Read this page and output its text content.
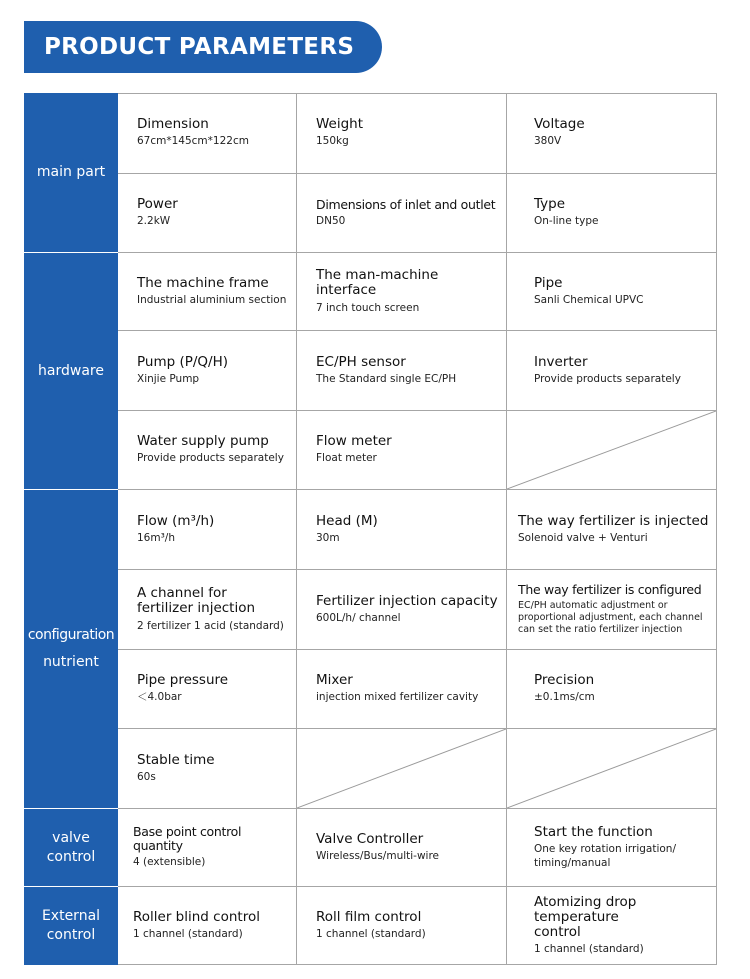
PRODUCT PARAMETERS
main part
hardware
configuration
nutrient
valve
control
External
control
Dimension
67cm*145cm*122cm
Weight
150kg
Voltage
380V
Power
2.2kW
Dimensions of inlet and outlet
DN50
Type
On-line type
The machine frame
Industrial aluminium section
The man-machine interface
7 inch touch screen
Pipe
Sanli Chemical UPVC
Pump (P/Q/H)
Xinjie Pump
EC/PH sensor
The Standard single EC/PH
Inverter
Provide products separately
Water supply pump
Provide products separately
Flow meter
Float meter
Flow (m³/h)
16m³/h
Head (M)
30m
The way fertilizer is injected
Solenoid valve + Venturi
A channel for
fertilizer injection
2 fertilizer 1 acid (standard)
Fertilizer injection capacity
600L/h/ channel
The way fertilizer is configured
EC/PH automatic adjustment or proportional adjustment, each channel can set the ratio fertilizer injection
Pipe pressure
＜4.0bar
Mixer
injection mixed fertilizer cavity
Precision
±0.1ms/cm
Stable time
60s
Base point control quantity
4 (extensible)
Valve Controller
Wireless/Bus/multi-wire
Start the function
One key rotation irrigation/ timing/manual
Roller blind control
1 channel (standard)
Roll film control
1 channel (standard)
Atomizing drop temperature control
1 channel (standard)
